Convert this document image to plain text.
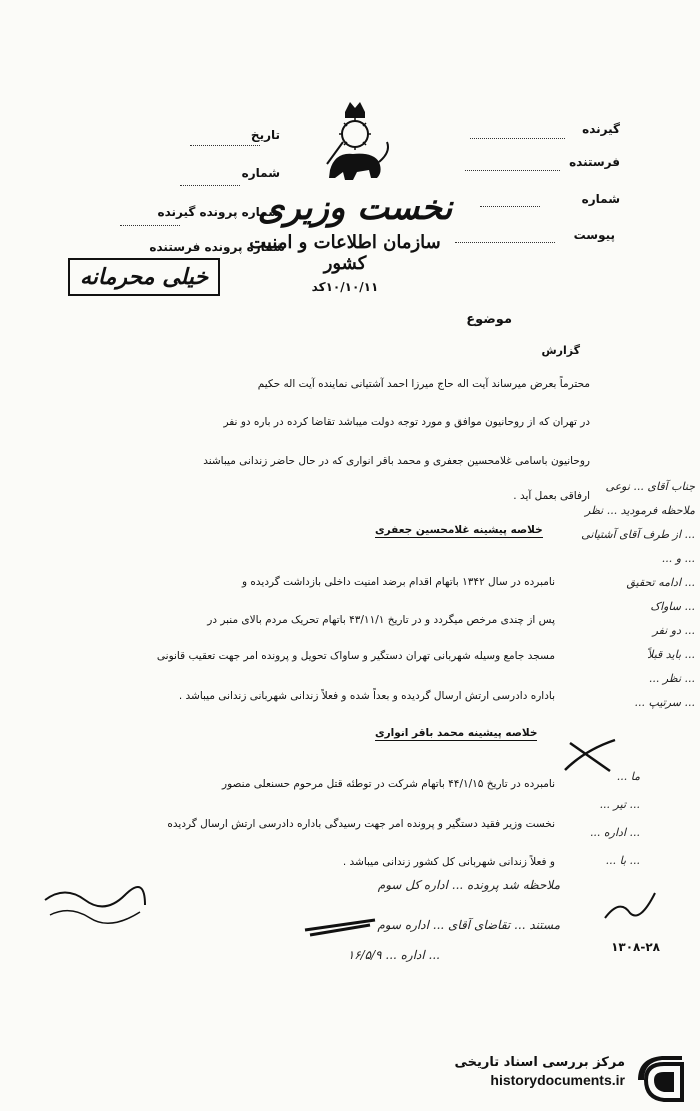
نخست وزیری
سازمان اطلاعات و امنیت کشور
۱۰/۱۰/۱۱کد
تاریخ
شماره
شماره پرونده گیرنده
شماره پرونده فرستنده
خیلی محرمانه
گیرنده
فرستنده
شماره
پیوست
موضوع
گزارش
محترماً بعرض میرساند آیت اله حاج میرزا احمد آشتیانی نماینده آیت اله حکیم
در تهران که از روحانیون موافق و مورد توجه دولت میباشد تقاضا کرده در باره دو نفر
روحانیون باسامی غلامحسین جعفری و محمد باقر انواری که در حال حاضر زندانی میباشند
ارفاقی بعمل آید .
خلاصه پیشینه غلامحسین جعفری
نامبرده در سال ۱۳۴۲ باتهام اقدام برضد امنیت داخلی بازداشت گردیده و
پس از چندی مرخص میگردد و در تاریخ ۴۳/۱۱/۱ باتهام تحریک مردم بالای منبر در
مسجد جامع وسیله شهربانی تهران دستگیر و ساواک تحویل و پرونده امر جهت تعقیب قانونی
باداره دادرسی ارتش ارسال گردیده و بعداً شده و فعلاً زندانی شهربانی زندانی میباشد .
خلاصه پیشینه محمد باقر انواری
نامبرده در تاریخ ۴۴/۱/۱۵ باتهام شرکت در توطئه قتل مرحوم حسنعلی منصور
نخست وزیر فقید دستگیر و پرونده امر جهت رسیدگی باداره دادرسی ارتش ارسال گردیده
و فعلاً زندانی شهربانی کل کشور زندانی میباشد .
جناب آقای ... نوعی
ملاحظه فرمودید ... نظر
... از طرف آقای آشتیانی
... و ...
... ادامه تحقیق
... ساواک
... دو نفر
... باید قبلاً
... نظر ...
... سرتیپ ...
ما ...
... تیر ...
... اداره ...
... با ...
ملاحظه شد پرونده ... اداره کل سوم
مستند ... تقاضای آقای ... اداره سوم
... اداره ... ۱۶/۵/۹
۱۳۰۸-۲۸
مرکز بررسی اسناد تاریخی
historydocuments.ir
